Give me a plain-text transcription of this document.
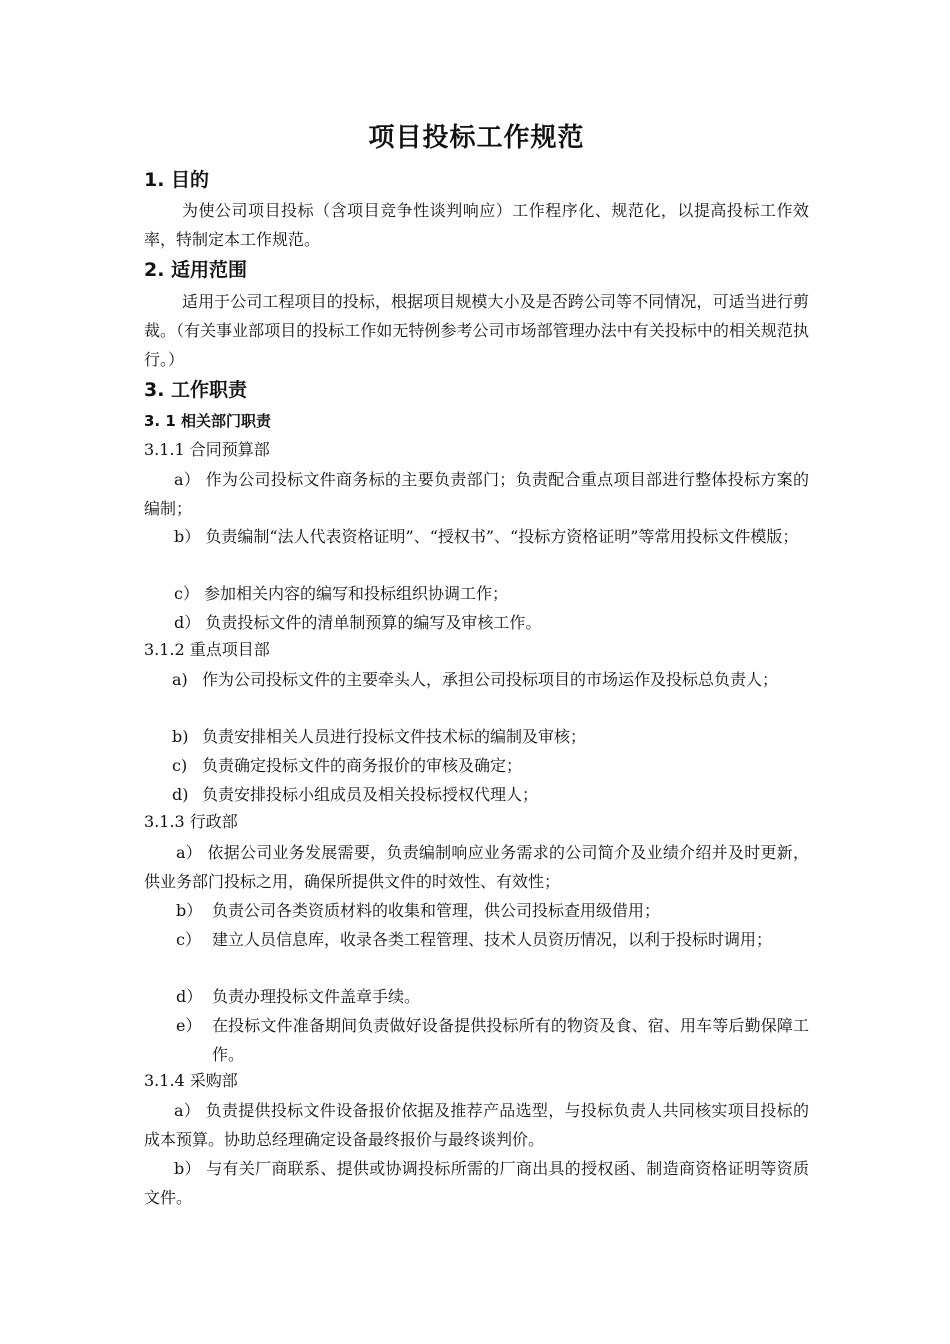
项目投标工作规范
1. 目的
为使公司项目投标（含项目竞争性谈判响应）工作程序化、规范化，以提高投标工作效率，特制定本工作规范。
2. 适用范围
适用于公司工程项目的投标，根据项目规模大小及是否跨公司等不同情况，可适当进行剪裁。（有关事业部项目的投标工作如无特例参考公司市场部管理办法中有关投标中的相关规范执行。）
3. 工作职责
3. 1 相关部门职责
3.1.1 合同预算部
a） 作为公司投标文件商务标的主要负责部门；负责配合重点项目部进行整体投标方案的编制；
b） 负责编制“法人代表资格证明”、“授权书”、“投标方资格证明”等常用投标文件模版；
c） 参加相关内容的编写和投标组织协调工作；
d） 负责投标文件的清单制预算的编写及审核工作。
3.1.2 重点项目部
a) 作为公司投标文件的主要牵头人，承担公司投标项目的市场运作及投标总负责人；
b) 负责安排相关人员进行投标文件技术标的编制及审核；
c) 负责确定投标文件的商务报价的审核及确定；
d) 负责安排投标小组成员及相关投标授权代理人；
3.1.3 行政部
a） 依据公司业务发展需要，负责编制响应业务需求的公司简介及业绩介绍并及时更新，供业务部门投标之用，确保所提供文件的时效性、有效性；
b） 负责公司各类资质材料的收集和管理，供公司投标查用级借用；
c） 建立人员信息库，收录各类工程管理、技术人员资历情况，以利于投标时调用；
d） 负责办理投标文件盖章手续。
e） 在投标文件准备期间负责做好设备提供投标所有的物资及食、宿、用车等后勤保障工作。
3.1.4 采购部
a） 负责提供投标文件设备报价依据及推荐产品选型，与投标负责人共同核实项目投标的成本预算。协助总经理确定设备最终报价与最终谈判价。
b） 与有关厂商联系、提供或协调投标所需的厂商出具的授权函、制造商资格证明等资质文件。
